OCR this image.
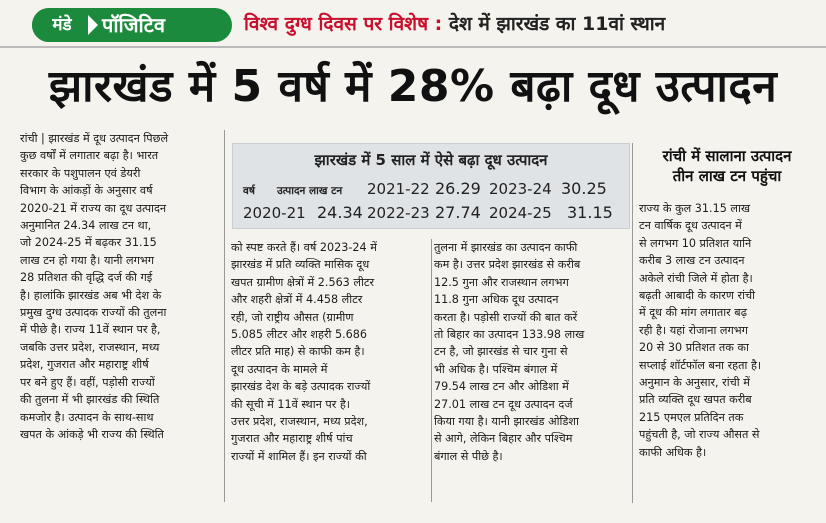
मंडे	पॉजिटिव	विश्व दुग्ध दिवस पर विशेष : देश में झारखंड का 11वां स्थान
झारखंड में 5 वर्ष में 28% बढ़ा दूध उत्पादन
रांची | झारखंड में दूध उत्पादन पिछले
कुछ वर्षों में लगातार बढ़ा है। भारत
सरकार के पशुपालन एवं डेयरी
विभाग के आंकड़ों के अनुसार वर्ष
2020-21 में राज्य का दूध उत्पादन
अनुमानित 24.34 लाख टन था,
जो 2024-25 में बढ़कर 31.15
लाख टन हो गया है। यानी लगभग
28 प्रतिशत की वृद्धि दर्ज की गई
है। हालांकि झारखंड अब भी देश के
प्रमुख दुग्ध उत्पादक राज्यों की तुलना
में पीछे है। राज्य 11वें स्थान पर है,
जबकि उत्तर प्रदेश, राजस्थान, मध्य
प्रदेश, गुजरात और महाराष्ट्र शीर्ष
पर बने हुए हैं। वहीं, पड़ोसी राज्यों
की तुलना में भी झारखंड की स्थिति
कमजोर है। उत्पादन के साथ-साथ
खपत के आंकड़े भी राज्य की स्थिति
झारखंड में 5 साल में ऐसे बढ़ा दूध उत्पादन
वर्ष उत्पादन लाख टन 2021-22 26.29 2023-24 30.25
2020-21 24.34 2022-23 27.74 2024-25 31.15
को स्पष्ट करते हैं। वर्ष 2023-24 में
झारखंड में प्रति व्यक्ति मासिक दूध
खपत ग्रामीण क्षेत्रों में 2.563 लीटर
और शहरी क्षेत्रों में 4.458 लीटर
रही, जो राष्ट्रीय औसत (ग्रामीण
5.085 लीटर और शहरी 5.686
लीटर प्रति माह) से काफी कम है।
दूध उत्पादन के मामले में
झारखंड देश के बड़े उत्पादक राज्यों
की सूची में 11वें स्थान पर है।
उत्तर प्रदेश, राजस्थान, मध्य प्रदेश,
गुजरात और महाराष्ट्र शीर्ष पांच
राज्यों में शामिल हैं। इन राज्यों की
तुलना में झारखंड का उत्पादन काफी
कम है। उत्तर प्रदेश झारखंड से करीब
12.5 गुना और राजस्थान लगभग
11.8 गुना अधिक दूध उत्पादन
करता है। पड़ोसी राज्यों की बात करें
तो बिहार का उत्पादन 133.98 लाख
टन है, जो झारखंड से चार गुना से
भी अधिक है। पश्चिम बंगाल में
79.54 लाख टन और ओडिशा में
27.01 लाख टन दूध उत्पादन दर्ज
किया गया है। यानी झारखंड ओडिशा
से आगे, लेकिन बिहार और पश्चिम
बंगाल से पीछे है।
रांची में सालाना उत्पादन
तीन लाख टन पहुंचा
राज्य के कुल 31.15 लाख
टन वार्षिक दूध उत्पादन में
से लगभग 10 प्रतिशत यानि
करीब 3 लाख टन उत्पादन
अकेले रांची जिले में होता है।
बढ़ती आबादी के कारण रांची
में दूध की मांग लगातार बढ़
रही है। यहां रोजाना लगभग
20 से 30 प्रतिशत तक का
सप्लाई शॉर्टफॉल बना रहता है।
अनुमान के अनुसार, रांची में
प्रति व्यक्ति दूध खपत करीब
215 एमएल प्रतिदिन तक
पहुंचती है, जो राज्य औसत से
काफी अधिक है।
